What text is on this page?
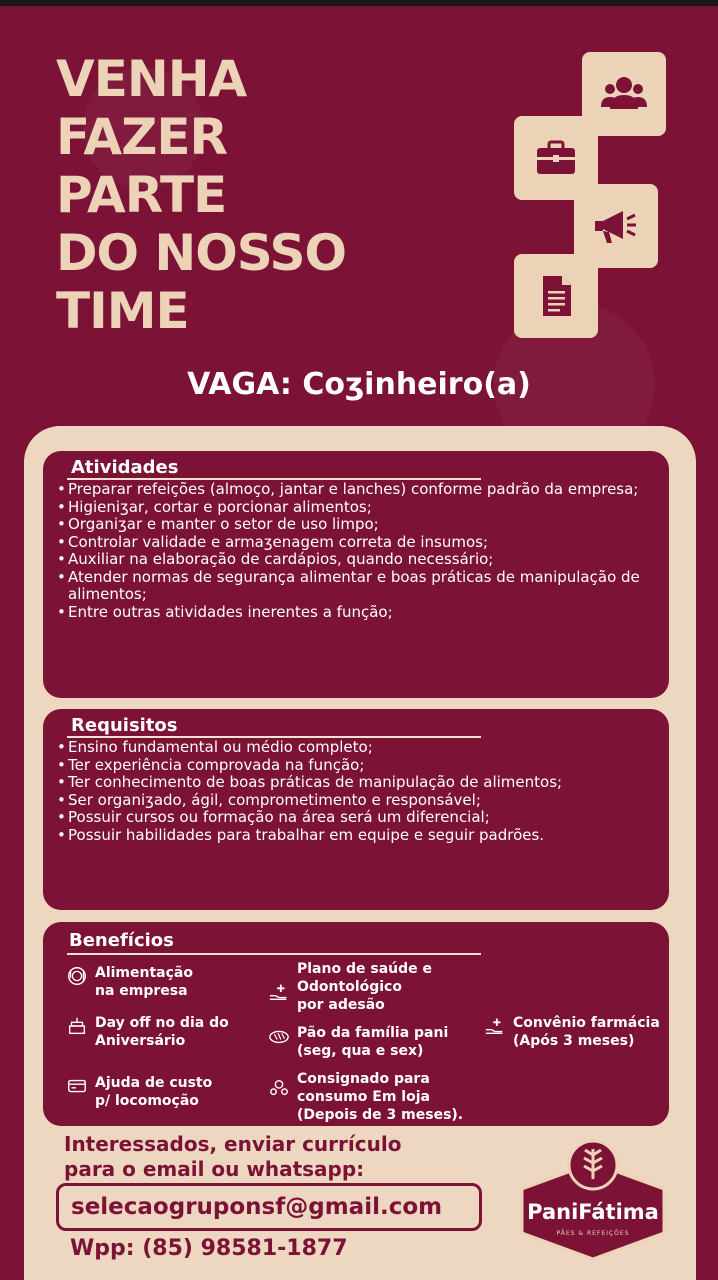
VENHA
FAZER
PARTE
DO NOSSO
TIME
VAGA: Coʒinheiro(a)
Atividades
• Preparar refeições (almoço, jantar e lanches) conforme padrão da empresa;
• Higieniʒar, cortar e porcionar alimentos;
• Organiʒar e manter o setor de uso limpo;
• Controlar validade e armaʒenagem correta de insumos;
• Auxiliar na elaboração de cardápios, quando necessário;
• Atender normas de segurança alimentar e boas práticas de manipulação de alimentos;
• Entre outras atividades inerentes a função;
Requisitos
• Ensino fundamental ou médio completo;
• Ter experiência comprovada na função;
• Ter conhecimento de boas práticas de manipulação de alimentos;
• Ser organiʒado, ágil, comprometimento e responsável;
• Possuir cursos ou formação na área será um diferencial;
• Possuir habilidades para trabalhar em equipe e seguir padrões.
Benefícios
Alimentação
na empresa
Plano de saúde e
Odontológico
por adesão
Day off no dia do
Aniversário	Pão da família pani
(seg, qua e sex)
Convênio farmácia
(Após 3 meses)
Ajuda de custo
p/ locomoção
Consignado para
consumo Em loja
(Depois de 3 meses).
Interessados, enviar currículo
para o email ou whatsapp:
selecaogruponsf@gmail.com
Wpp: (85) 98581-1877
PaniFátima
PÃES & REFEIÇÕES
